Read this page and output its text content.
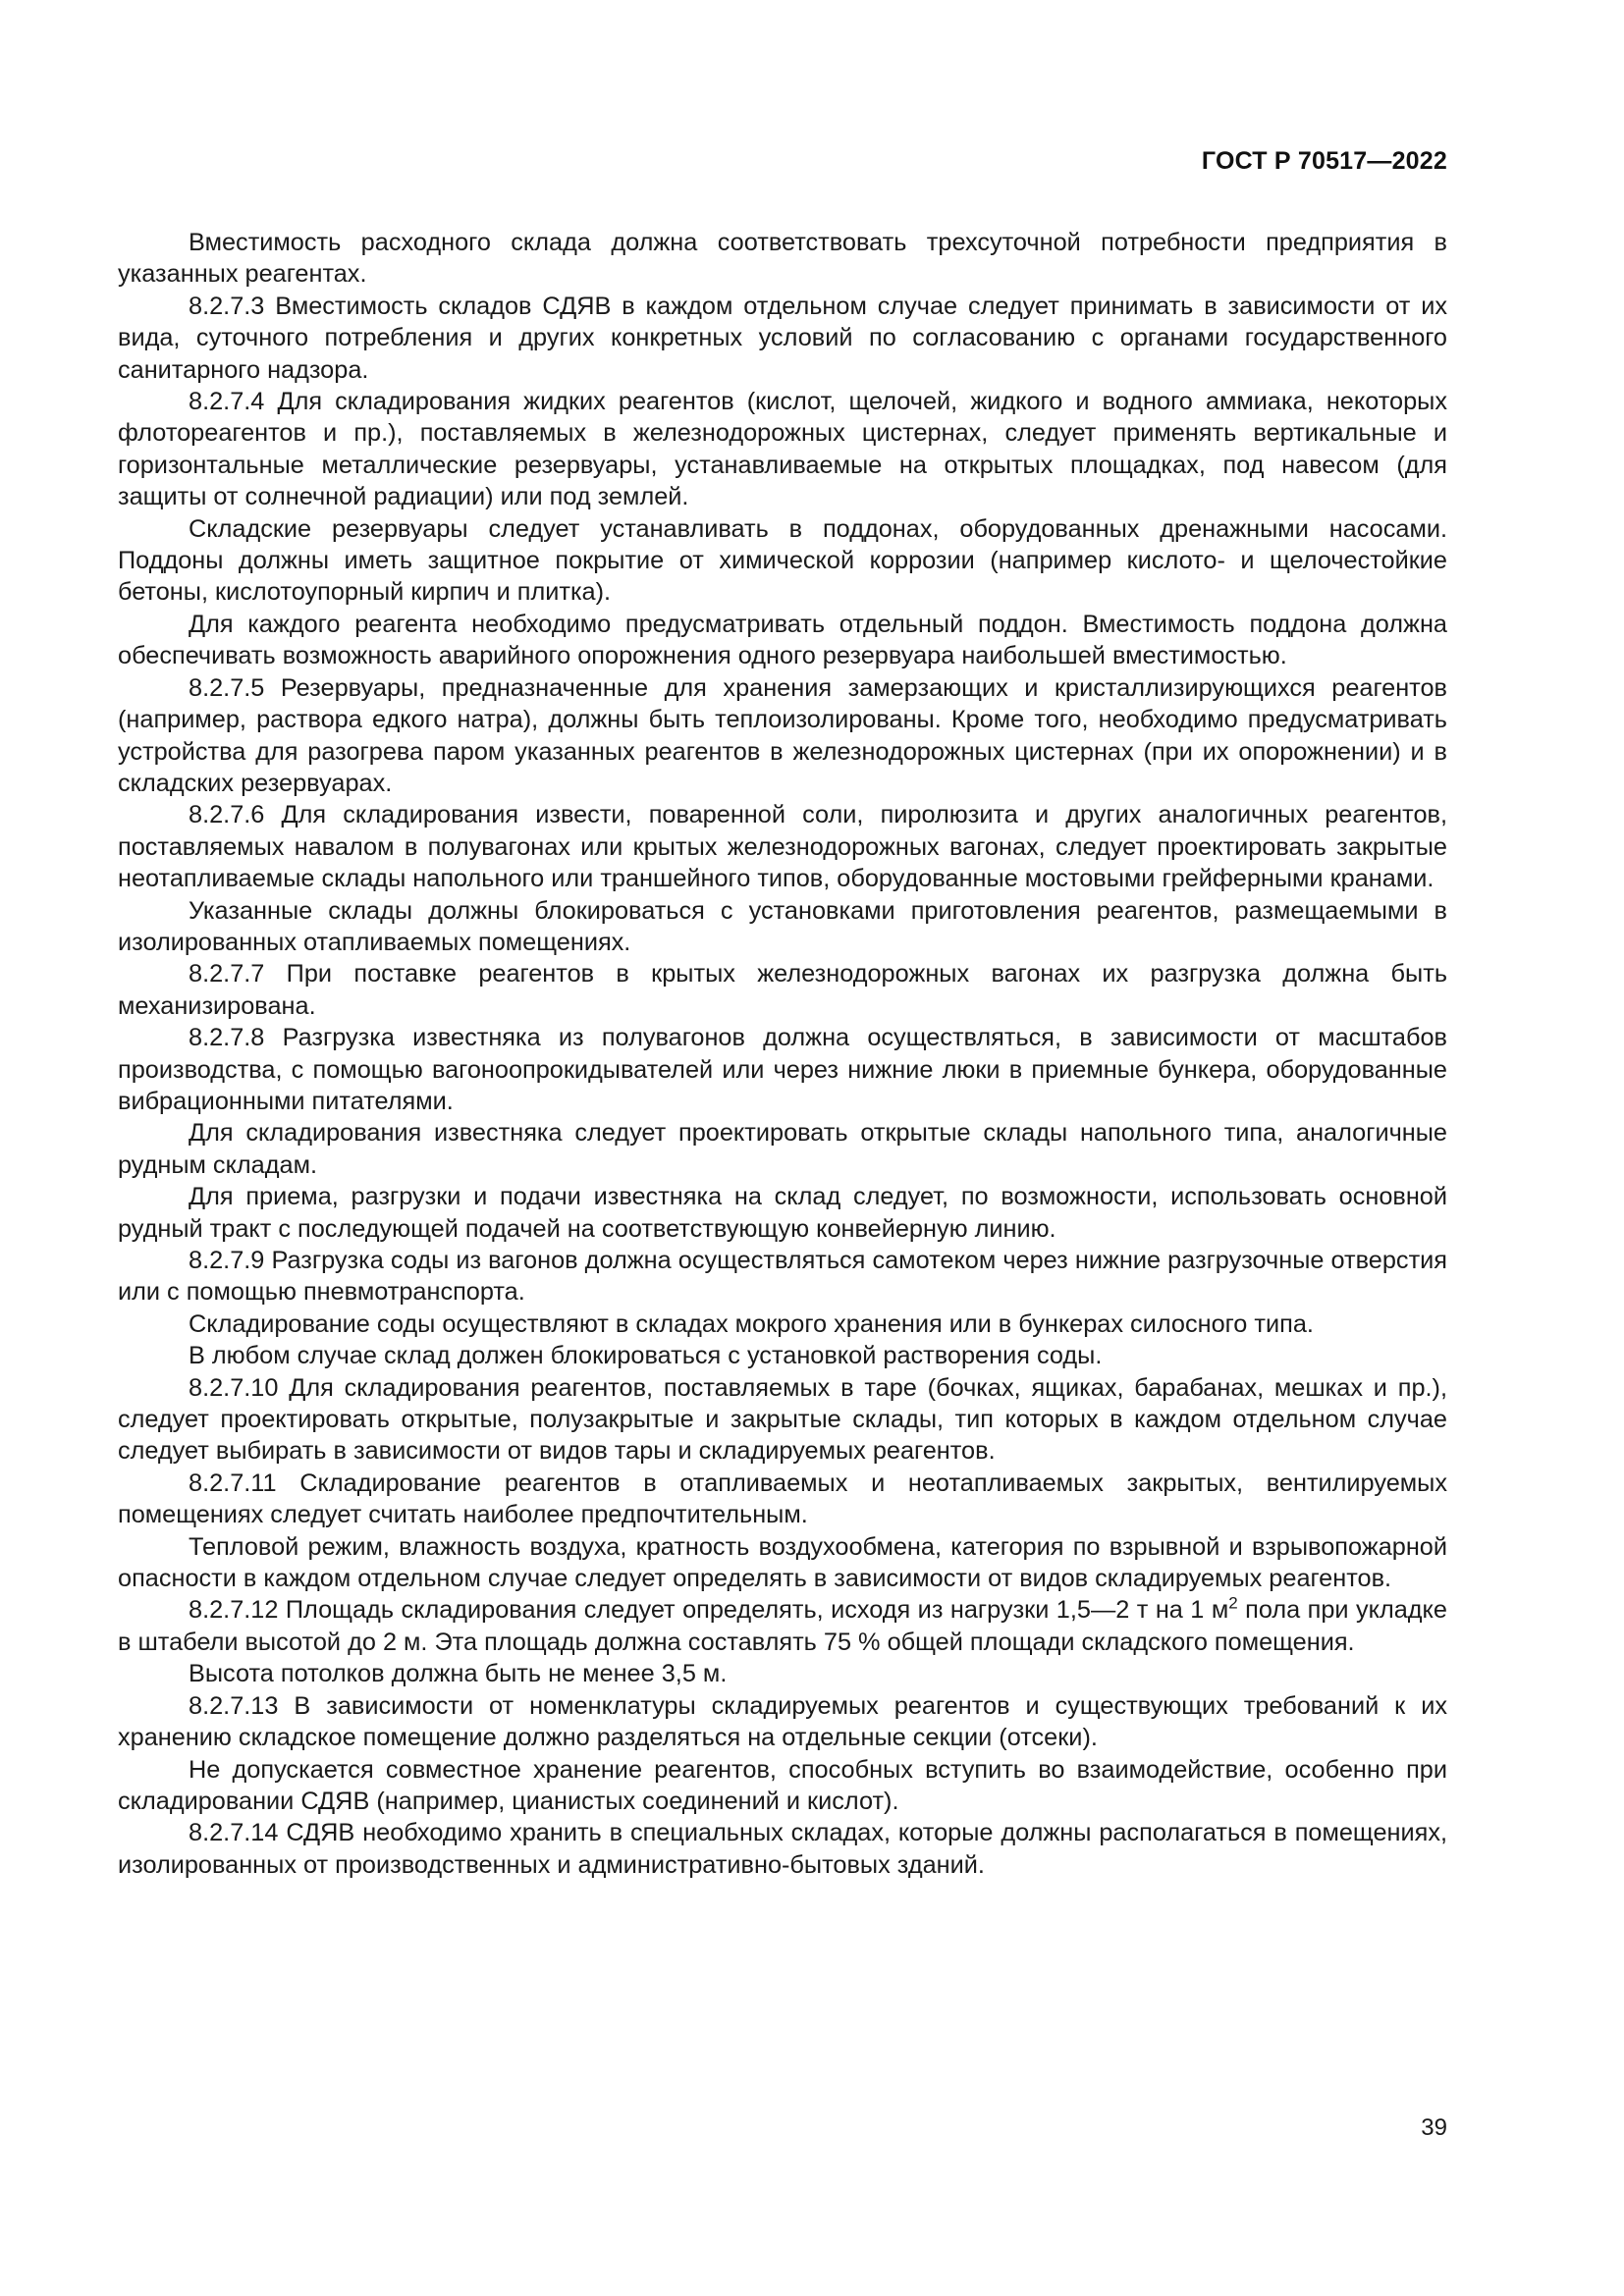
ГОСТ Р 70517—2022

Вместимость расходного склада должна соответствовать трехсуточной потребности предприятия в указанных реагентах.

8.2.7.3 Вместимость складов СДЯВ в каждом отдельном случае следует принимать в зависимости от их вида, суточного потребления и других конкретных условий по согласованию с органами государственного санитарного надзора.

8.2.7.4 Для складирования жидких реагентов (кислот, щелочей, жидкого и водного аммиака, некоторых флотореагентов и пр.), поставляемых в железнодорожных цистернах, следует применять вертикальные и горизонтальные металлические резервуары, устанавливаемые на открытых площадках, под навесом (для защиты от солнечной радиации) или под землей.

Складские резервуары следует устанавливать в поддонах, оборудованных дренажными насосами. Поддоны должны иметь защитное покрытие от химической коррозии (например кислото- и щелочестойкие бетоны, кислотоупорный кирпич и плитка).

Для каждого реагента необходимо предусматривать отдельный поддон. Вместимость поддона должна обеспечивать возможность аварийного опорожнения одного резервуара наибольшей вместимостью.

8.2.7.5 Резервуары, предназначенные для хранения замерзающих и кристаллизирующихся реагентов (например, раствора едкого натра), должны быть теплоизолированы. Кроме того, необходимо предусматривать устройства для разогрева паром указанных реагентов в железнодорожных цистернах (при их опорожнении) и в складских резервуарах.

8.2.7.6 Для складирования извести, поваренной соли, пиролюзита и других аналогичных реагентов, поставляемых навалом в полувагонах или крытых железнодорожных вагонах, следует проектировать закрытые неотапливаемые склады напольного или траншейного типов, оборудованные мостовыми грейферными кранами.

Указанные склады должны блокироваться с установками приготовления реагентов, размещаемыми в изолированных отапливаемых помещениях.

8.2.7.7 При поставке реагентов в крытых железнодорожных вагонах их разгрузка должна быть механизирована.

8.2.7.8 Разгрузка известняка из полувагонов должна осуществляться, в зависимости от масштабов производства, с помощью вагоноопрокидывателей или через нижние люки в приемные бункера, оборудованные вибрационными питателями.

Для складирования известняка следует проектировать открытые склады напольного типа, аналогичные рудным складам.

Для приема, разгрузки и подачи известняка на склад следует, по возможности, использовать основной рудный тракт с последующей подачей на соответствующую конвейерную линию.

8.2.7.9 Разгрузка соды из вагонов должна осуществляться самотеком через нижние разгрузочные отверстия или с помощью пневмотранспорта.

Складирование соды осуществляют в складах мокрого хранения или в бункерах силосного типа.

В любом случае склад должен блокироваться с установкой растворения соды.

8.2.7.10 Для складирования реагентов, поставляемых в таре (бочках, ящиках, барабанах, мешках и пр.), следует проектировать открытые, полузакрытые и закрытые склады, тип которых в каждом отдельном случае следует выбирать в зависимости от видов тары и складируемых реагентов.

8.2.7.11 Складирование реагентов в отапливаемых и неотапливаемых закрытых, вентилируемых помещениях следует считать наиболее предпочтительным.

Тепловой режим, влажность воздуха, кратность воздухообмена, категория по взрывной и взрывопожарной опасности в каждом отдельном случае следует определять в зависимости от видов складируемых реагентов.

8.2.7.12 Площадь складирования следует определять, исходя из нагрузки 1,5—2 т на 1 $м^2$ пола при укладке в штабели высотой до 2 м. Эта площадь должна составлять 75 % общей площади складского помещения.

Высота потолков должна быть не менее 3,5 м.

8.2.7.13 В зависимости от номенклатуры складируемых реагентов и существующих требований к их хранению складское помещение должно разделяться на отдельные секции (отсеки).

Не допускается совместное хранение реагентов, способных вступить во взаимодействие, особенно при складировании СДЯВ (например, цианистых соединений и кислот).

8.2.7.14 СДЯВ необходимо хранить в специальных складах, которые должны располагаться в помещениях, изолированных от производственных и административно-бытовых зданий.

39
